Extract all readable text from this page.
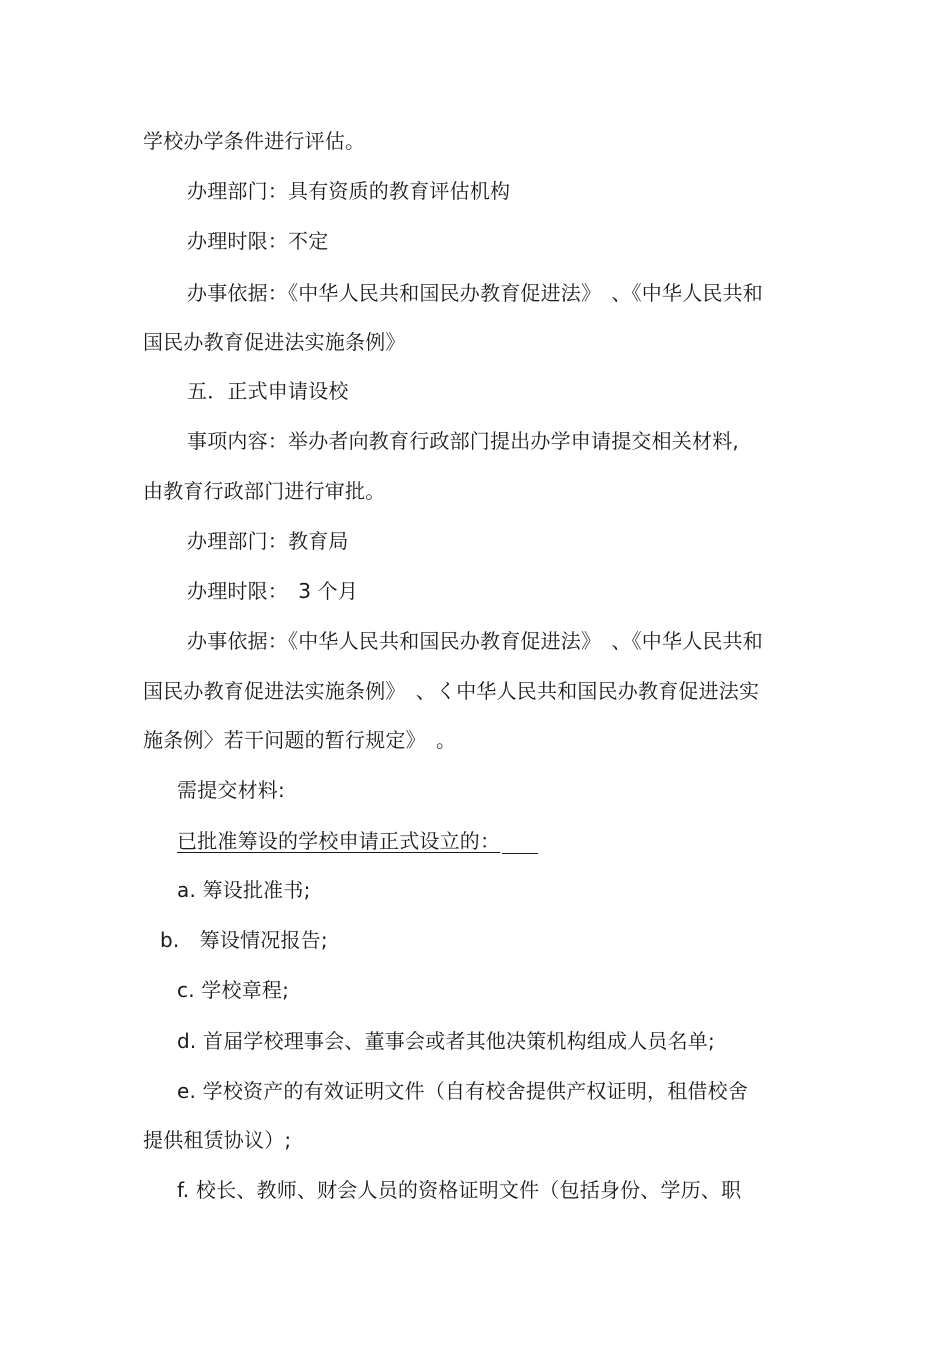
学校办学条件进行评估。
办理部门：具有资质的教育评估机构
办理时限：不定
办事依据：《中华人民共和国民办教育促进法》　、《中华人民共和
国民办教育促进法实施条例》
五．正式申请设校
事项内容：举办者向教育行政部门提出办学申请提交相关材料,
由教育行政部门进行审批。
办理部门：教育局
办理时限：　3 个月
办事依据：《中华人民共和国民办教育促进法》　、《中华人民共和
国民办教育促进法实施条例》　、く中华人民共和国民办教育促进法实
施条例〉若干问题的暂行规定》　。
需提交材料:
已批准筹设的学校申请正式设立的：
a. 筹设批准书;
b.　筹设情况报告;
c. 学校章程;
d. 首届学校理事会、董事会或者其他决策机构组成人员名单;
e. 学校资产的有效证明文件（自有校舍提供产权证明，租借校舍
提供租赁协议）;
f. 校长、教师、财会人员的资格证明文件（包括身份、学历、职
